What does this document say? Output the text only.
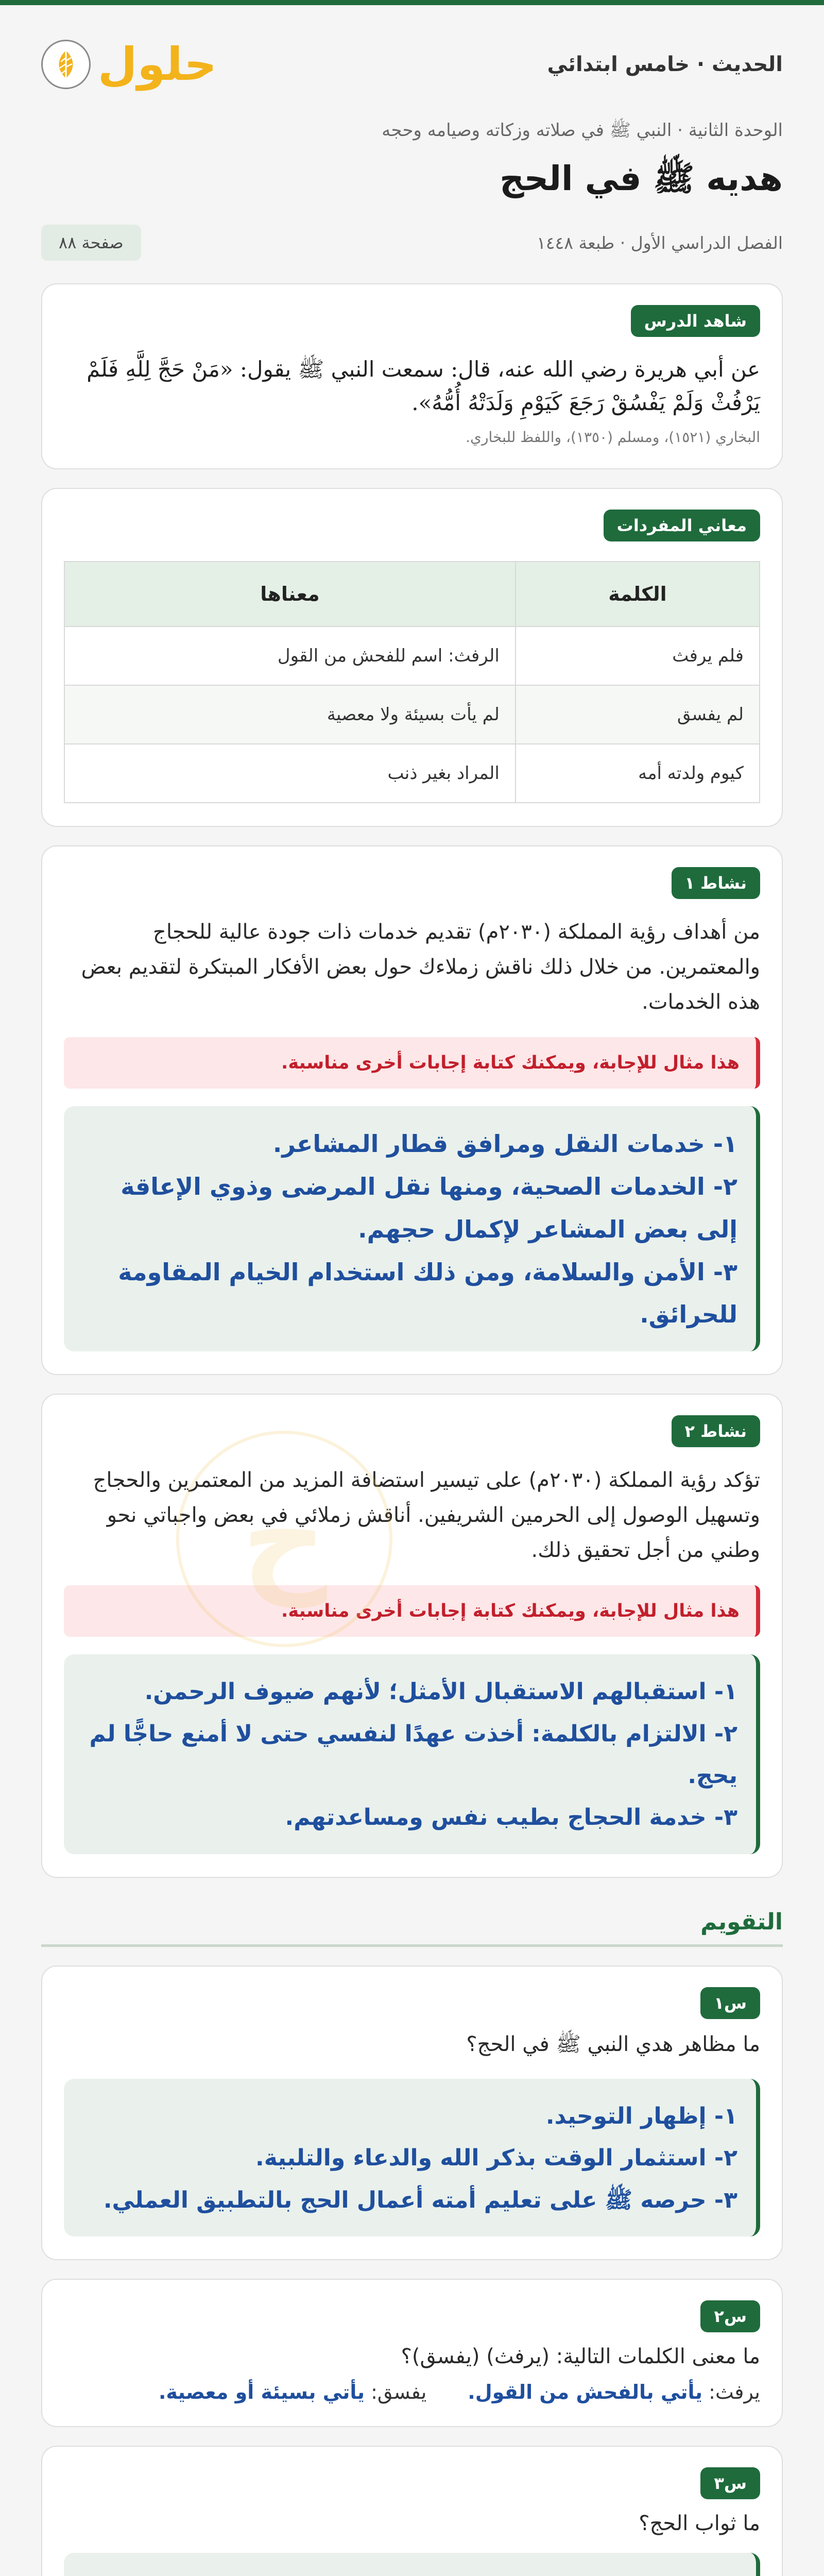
الحديث · خامس ابتدائي
حلول
الوحدة الثانية · النبي ﷺ في صلاته وزكاته وصيامه وحجه
هديه ﷺ في الحج
الفصل الدراسي الأول · طبعة ١٤٤٨
صفحة ٨٨
شاهد الدرس

عن أبي هريرة رضي الله عنه، قال: سمعت النبي ﷺ يقول: «مَنْ حَجَّ لِلَّهِ فَلَمْ يَرْفُثْ وَلَمْ يَفْسُقْ رَجَعَ كَيَوْمِ وَلَدَتْهُ أُمُّهُ».

البخاري (١٥٢١)، ومسلم (١٣٥٠)، واللفظ للبخاري.

معاني المفردات
الكلمة	معناها
فلم يرفث	الرفث: اسم للفحش من القول
لم يفسق	لم يأت بسيئة ولا معصية
كيوم ولدته أمه	المراد بغير ذنب
نشاط ١

من أهداف رؤية المملكة (٢٠٣٠م) تقديم خدمات ذات جودة عالية للحجاج والمعتمرين. من خلال ذلك ناقش زملاءك حول بعض الأفكار المبتكرة لتقديم بعض هذه الخدمات.

هذا مثال للإجابة، ويمكنك كتابة إجابات أخرى مناسبة.

١- خدمات النقل ومرافق قطار المشاعر.

٢- الخدمات الصحية، ومنها نقل المرضى وذوي الإعاقة إلى بعض المشاعر لإكمال حجهم.

٣- الأمن والسلامة، ومن ذلك استخدام الخيام المقاومة للحرائق.

ح
نشاط ٢

تؤكد رؤية المملكة (٢٠٣٠م) على تيسير استضافة المزيد من المعتمرين والحجاج وتسهيل الوصول إلى الحرمين الشريفين. أناقش زملائي في بعض واجباتي نحو وطني من أجل تحقيق ذلك.

هذا مثال للإجابة، ويمكنك كتابة إجابات أخرى مناسبة.

١- استقبالهم الاستقبال الأمثل؛ لأنهم ضيوف الرحمن.

٢- الالتزام بالكلمة: أخذت عهدًا لنفسي حتى لا أمنع حاجًّا لم يحج.

٣- خدمة الحجاج بطيب نفس ومساعدتهم.

التقويم
س١

ما مظاهر هدي النبي ﷺ في الحج؟

١- إظهار التوحيد.

٢- استثمار الوقت بذكر الله والدعاء والتلبية.

٣- حرصه ﷺ على تعليم أمته أعمال الحج بالتطبيق العملي.

س٢

ما معنى الكلمات التالية: (يرفث) (يفسق)؟

يرفث: يأتي بالفحش من القول.
يفسق: يأتي بسيئة أو معصية.
س٣

ما ثواب الحج؟
